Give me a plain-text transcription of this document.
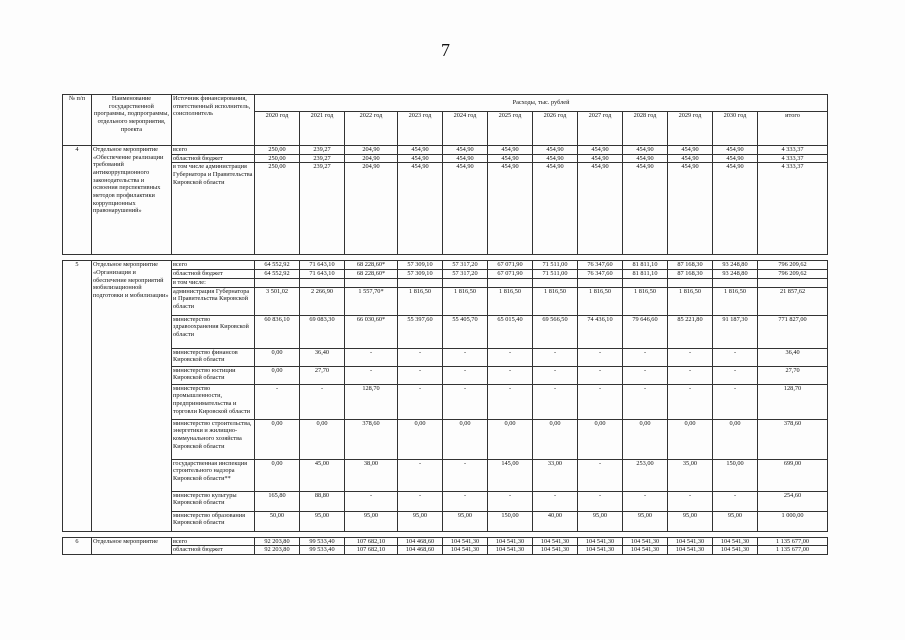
7
№ п/п	Наименование государственной программы, подпрограммы, отдельного мероприятия, проекта	Источник финансирования, ответственный исполнитель, соисполнитель	Расходы, тыс. рублей											
			2020 год	2021 год	2022 год	2023 год	2024 год	2025 год	2026 год	2027 год	2028 год	2029 год	2030 год	итого
4	Отдельное мероприятие «Обеспечение реализации требований антикоррупционного законодательства и освоения перспективных методов профилактики коррупционных правонарушений»	всего	250,00	239,27	204,90	454,90	454,90	454,90	454,90	454,90	454,90	454,90	454,90	4 333,37
		областной бюджет	250,00	239,27	204,90	454,90	454,90	454,90	454,90	454,90	454,90	454,90	454,90	4 333,37
		в том числе администрация Губернатора и Правительства Кировской области	250,00	239,27	204,90	454,90	454,90	454,90	454,90	454,90	454,90	454,90	454,90	4 333,37

5	Отдельное мероприятие «Организация и обеспечение мероприятий мобилизационной подготовки и мобилизации»	всего	64 552,92	71 643,10	68 228,60*	57 309,10	57 317,20	67 071,90	71 511,00	76 347,60	81 811,10	87 168,30	93 248,80	796 209,62
		областной бюджет	64 552,92	71 643,10	68 228,60*	57 309,10	57 317,20	67 071,90	71 511,00	76 347,60	81 811,10	87 168,30	93 248,80	796 209,62
		в том числе:												
		администрация Губернатора и Правительства Кировской области	3 501,02	2 266,90	1 557,70*	1 816,50	1 816,50	1 816,50	1 816,50	1 816,50	1 816,50	1 816,50	1 816,50	21 857,62
		министерство здравоохранения Кировской области	60 836,10	69 083,30	66 030,60*	55 397,60	55 405,70	65 015,40	69 566,50	74 436,10	79 646,60	85 221,80	91 187,30	771 827,00
		министерство финансов Кировской области	0,00	36,40	-	-	-	-	-	-	-	-	-	36,40
		министерство юстиции Кировской области	0,00	27,70	-	-	-	-	-	-	-	-	-	27,70
		министерство промышленности, предпринимательства и торговли Кировской области	-	-	128,70	-	-	-	-	-	-	-	-	128,70
		министерство строительства, энергетики и жилищно-коммунального хозяйства Кировской области	0,00	0,00	378,60	0,00	0,00	0,00	0,00	0,00	0,00	0,00	0,00	378,60
		государственная инспекция строительного надзора Кировской области**	0,00	45,00	38,00	-	-	145,00	33,00	-	253,00	35,00	150,00	699,00
		министерство культуры Кировской области	165,80	88,80	-	-	-	-	-	-	-	-	-	254,60
		министерство образования Кировской области	50,00	95,00	95,00	95,00	95,00	150,00	40,00	95,00	95,00	95,00	95,00	1 000,00

6	Отдельное мероприятие	всего	92 203,80	99 533,40	107 682,10	104 468,60	104 541,30	104 541,30	104 541,30	104 541,30	104 541,30	104 541,30	104 541,30	1 135 677,00
		областной бюджет	92 203,80	99 533,40	107 682,10	104 468,60	104 541,30	104 541,30	104 541,30	104 541,30	104 541,30	104 541,30	104 541,30	1 135 677,00
